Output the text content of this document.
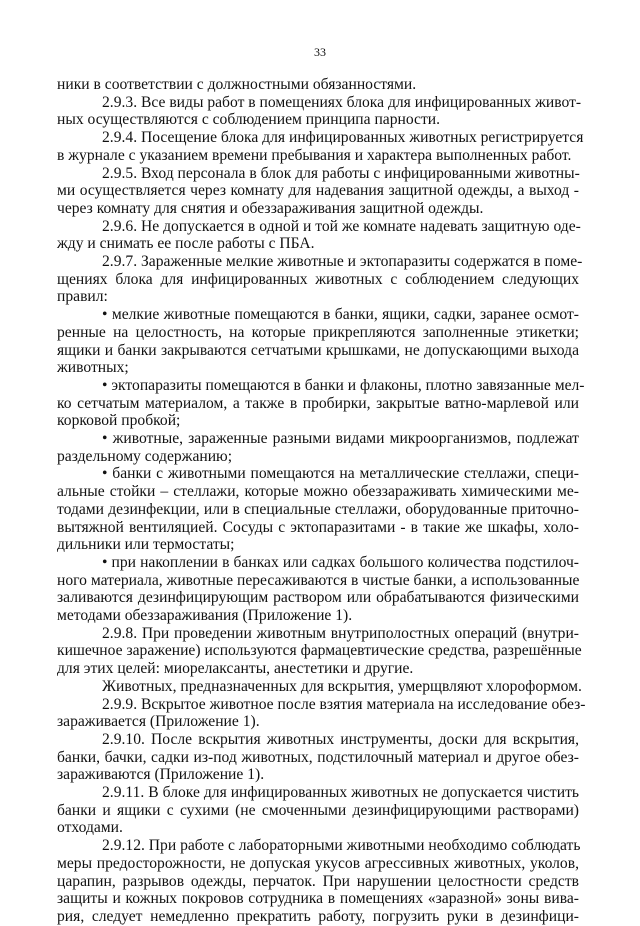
33
ники в соответствии с должностными обязанностями.
2.9.3. Все виды работ в помещениях блока для инфицированных живот-
ных осуществляются с соблюдением принципа парности.
2.9.4. Посещение блока для инфицированных животных регистрируется
в журнале с указанием времени пребывания и характера выполненных работ.
2.9.5. Вход персонала в блок для работы с инфицированными животны-
ми осуществляется через комнату для надевания защитной одежды, а выход -
через комнату для снятия и обеззараживания защитной одежды.
2.9.6. Не допускается в одной и той же комнате надевать защитную оде-
жду и снимать ее после работы с ПБА.
2.9.7. Зараженные мелкие животные и эктопаразиты содержатся в поме-
щениях блока для инфицированных животных с соблюдением следующих
правил:
• мелкие животные помещаются в банки, ящики, садки, заранее осмот-
ренные на целостность, на которые прикрепляются заполненные этикетки;
ящики и банки закрываются сетчатыми крышками, не допускающими выхода
животных;
• эктопаразиты помещаются в банки и флаконы, плотно завязанные мел-
ко сетчатым материалом, а также в пробирки, закрытые ватно-марлевой или
корковой пробкой;
• животные, зараженные разными видами микроорганизмов, подлежат
раздельному содержанию;
• банки с животными помещаются на металлические стеллажи, специ-
альные стойки – стеллажи, которые можно обеззараживать химическими ме-
тодами дезинфекции, или в специальные стеллажи, оборудованные приточно-
вытяжной вентиляцией. Сосуды с эктопаразитами - в такие же шкафы, холо-
дильники или термостаты;
• при накоплении в банках или садках большого количества подстилоч-
ного материала, животные пересаживаются в чистые банки, а использованные
заливаются дезинфицирующим раствором или обрабатываются физическими
методами обеззараживания (Приложение 1).
2.9.8. При проведении животным внутриполостных операций (внутри-
кишечное заражение) используются фармацевтические средства, разрешённые
для этих целей: миорелаксанты, анестетики и другие.
Животных, предназначенных для вскрытия, умерщвляют хлороформом.
2.9.9. Вскрытое животное после взятия материала на исследование обез-
зараживается (Приложение 1).
2.9.10. После вскрытия животных инструменты, доски для вскрытия,
банки, бачки, садки из-под животных, подстилочный материал и другое обез-
зараживаются (Приложение 1).
2.9.11. В блоке для инфицированных животных не допускается чистить
банки и ящики с сухими (не смоченными дезинфицирующими растворами)
отходами.
2.9.12. При работе с лабораторными животными необходимо соблюдать
меры предосторожности, не допуская укусов агрессивных животных, уколов,
царапин, разрывов одежды, перчаток. При нарушении целостности средств
защиты и кожных покровов сотрудника в помещениях «заразной» зоны вива-
рия, следует немедленно прекратить работу, погрузить руки в дезинфици-
